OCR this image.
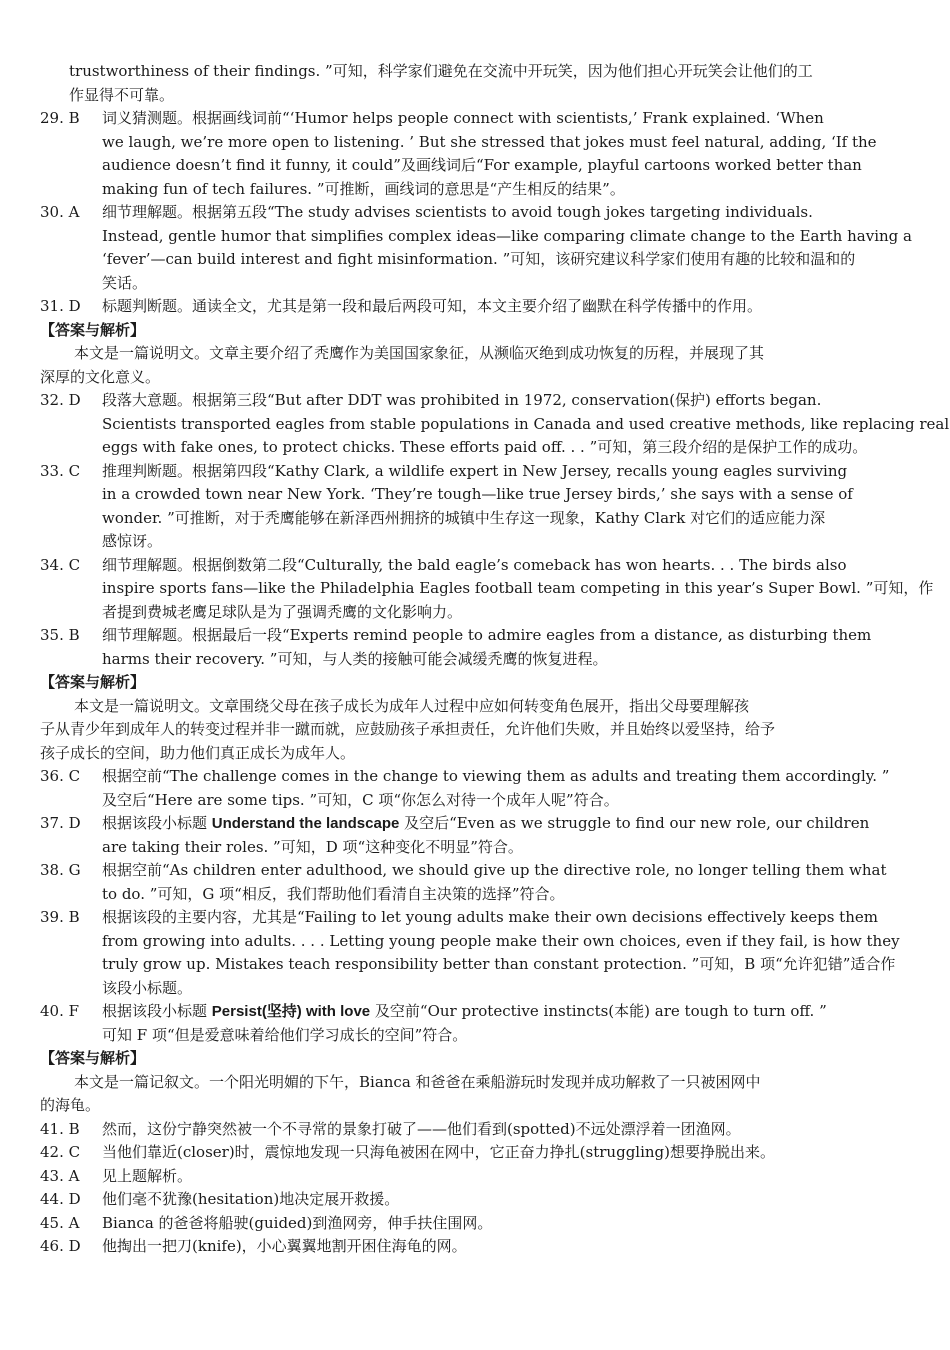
trustworthiness of their findings. ”可知，科学家们避免在交流中开玩笑，因为他们担心开玩笑会让他们的工
作显得不可靠。
29. B	词义猜测题。根据画线词前“‘Humor helps people connect with scientists,’ Frank explained. ‘When
we laugh, we’re more open to listening. ’ But she stressed that jokes must feel natural, adding, ‘If the
audience doesn’t find it funny, it could”及画线词后“For example, playful cartoons worked better than
making fun of tech failures. ”可推断，画线词的意思是“产生相反的结果”。
30. A	细节理解题。根据第五段“The study advises scientists to avoid tough jokes targeting individuals.
Instead, gentle humor that simplifies complex ideas—like comparing climate change to the Earth having a
‘fever’—can build interest and fight misinformation. ”可知，该研究建议科学家们使用有趣的比较和温和的
笑话。
31. D	标题判断题。通读全文，尤其是第一段和最后两段可知，本文主要介绍了幽默在科学传播中的作用。
【答案与解析】
本文是一篇说明文。文章主要介绍了秃鹰作为美国国家象征，从濒临灭绝到成功恢复的历程，并展现了其
深厚的文化意义。
32. D	段落大意题。根据第三段“But after DDT was prohibited in 1972, conservation(保护) efforts began.
Scientists transported eagles from stable populations in Canada and used creative methods, like replacing real
eggs with fake ones, to protect chicks. These efforts paid off. . . ”可知，第三段介绍的是保护工作的成功。
33. C	推理判断题。根据第四段“Kathy Clark, a wildlife expert in New Jersey, recalls young eagles surviving
in a crowded town near New York. ‘They’re tough—like true Jersey birds,’ she says with a sense of
wonder. ”可推断，对于秃鹰能够在新泽西州拥挤的城镇中生存这一现象，Kathy Clark 对它们的适应能力深
感惊讶。
34. C	细节理解题。根据倒数第二段“Culturally, the bald eagle’s comeback has won hearts. . . The birds also
inspire sports fans—like the Philadelphia Eagles football team competing in this year’s Super Bowl. ”可知，作
者提到费城老鹰足球队是为了强调秃鹰的文化影响力。
35. B	细节理解题。根据最后一段“Experts remind people to admire eagles from a distance, as disturbing them
harms their recovery. ”可知，与人类的接触可能会减缓秃鹰的恢复进程。
【答案与解析】
本文是一篇说明文。文章围绕父母在孩子成长为成年人过程中应如何转变角色展开，指出父母要理解孩
子从青少年到成年人的转变过程并非一蹴而就，应鼓励孩子承担责任，允许他们失败，并且始终以爱坚持，给予
孩子成长的空间，助力他们真正成长为成年人。
36. C	根据空前“The challenge comes in the change to viewing them as adults and treating them accordingly. ”
及空后“Here are some tips. ”可知，C 项“你怎么对待一个成年人呢”符合。
37. D	根据该段小标题 Understand the landscape 及空后“Even as we struggle to find our new role, our children
are taking their roles. ”可知，D 项“这种变化不明显”符合。
38. G	根据空前“As children enter adulthood, we should give up the directive role, no longer telling them what
to do. ”可知，G 项“相反，我们帮助他们看清自主决策的选择”符合。
39. B	根据该段的主要内容，尤其是“Failing to let young adults make their own decisions effectively keeps them
from growing into adults. . . . Letting young people make their own choices, even if they fail, is how they
truly grow up. Mistakes teach responsibility better than constant protection. ”可知，B 项“允许犯错”适合作
该段小标题。
40. F	根据该段小标题 Persist(坚持) with love 及空前“Our protective instincts(本能) are tough to turn off. ”
可知 F 项“但是爱意味着给他们学习成长的空间”符合。
【答案与解析】
本文是一篇记叙文。一个阳光明媚的下午，Bianca 和爸爸在乘船游玩时发现并成功解救了一只被困网中
的海龟。
41. B	然而，这份宁静突然被一个不寻常的景象打破了——他们看到(spotted)不远处漂浮着一团渔网。
42. C	当他们靠近(closer)时，震惊地发现一只海龟被困在网中，它正奋力挣扎(struggling)想要挣脱出来。
43. A	见上题解析。
44. D	他们毫不犹豫(hesitation)地决定展开救援。
45. A	Bianca 的爸爸将船驶(guided)到渔网旁，伸手扶住围网。
46. D	他掏出一把刀(knife)，小心翼翼地割开困住海龟的网。
